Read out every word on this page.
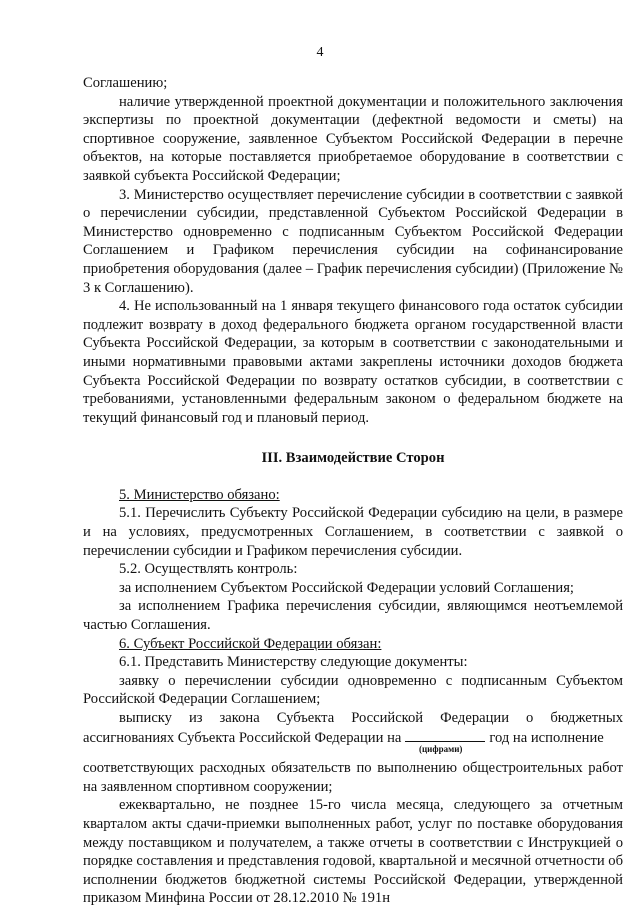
4

Соглашению;

наличие утвержденной проектной документации и положительного заключения экспертизы по проектной документации (дефектной ведомости и сметы) на спортивное сооружение, заявленное Субъектом Российской Федерации в перечне объектов, на которые поставляется приобретаемое оборудование в соответствии с заявкой субъекта Российской Федерации;

3. Министерство осуществляет перечисление субсидии в соответствии с заявкой о перечислении субсидии, представленной Субъектом Российской Федерации в Министерство одновременно с подписанным Субъектом Российской Федерации Соглашением и Графиком перечисления субсидии на софинансирование приобретения оборудования (далее – График перечисления субсидии) (Приложение № 3 к Соглашению).

4. Не использованный на 1 января текущего финансового года остаток субсидии подлежит возврату в доход федерального бюджета органом государственной власти Субъекта Российской Федерации, за которым в соответствии с законодательными и иными нормативными правовыми актами закреплены источники доходов бюджета Субъекта Российской Федерации по возврату остатков субсидии, в соответствии с требованиями, установленными федеральным законом о федеральном бюджете на текущий финансовый год и плановый период.

III. Взаимодействие Сторон

5. Министерство обязано:

5.1. Перечислить Субъекту Российской Федерации субсидию на цели, в размере и на условиях, предусмотренных Соглашением, в соответствии с заявкой о перечислении субсидии и Графиком перечисления субсидии.

5.2. Осуществлять контроль:

за исполнением Субъектом Российской Федерации условий Соглашения;

за исполнением Графика перечисления субсидии, являющимся неотъемлемой частью Соглашения.

6. Субъект Российской Федерации обязан:

6.1. Представить Министерству следующие документы:

заявку о перечислении субсидии одновременно с подписанным Субъектом Российской Федерации Соглашением;

выписку из закона Субъекта Российской Федерации о бюджетных ассигнованиях Субъекта Российской Федерации на	год на исполнение

(цифрами)

соответствующих расходных обязательств по выполнению общестроительных работ на заявленном спортивном сооружении;

ежеквартально, не позднее 15-го числа месяца, следующего за отчетным кварталом акты сдачи-приемки выполненных работ, услуг по поставке оборудования между поставщиком и получателем, а также отчеты в соответствии с Инструкцией о порядке составления и представления годовой, квартальной и месячной отчетности об исполнении бюджетов бюджетной системы Российской Федерации, утвержденной приказом Минфина России от 28.12.2010 № 191н
